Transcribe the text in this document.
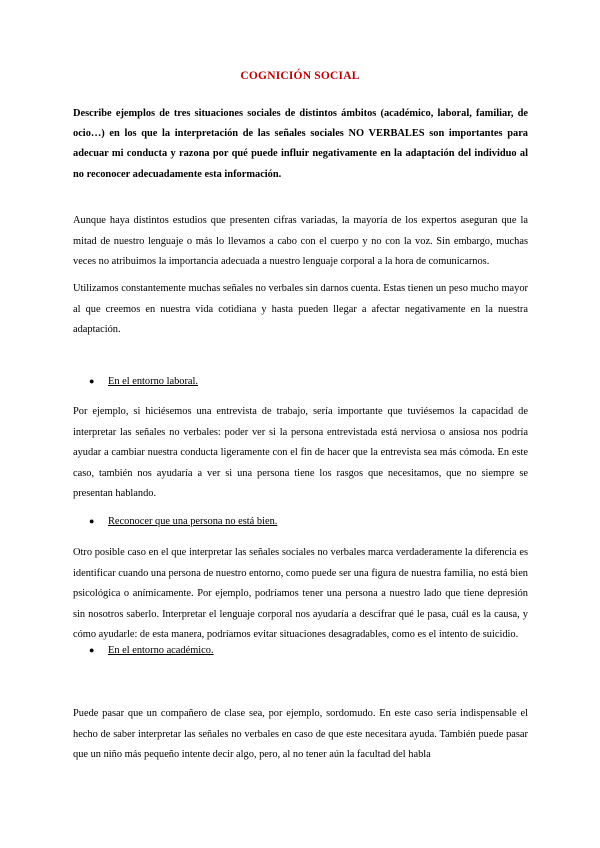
COGNICIÓN SOCIAL
Describe ejemplos de tres situaciones sociales de distintos ámbitos (académico, laboral, familiar, de ocio…) en los que la interpretación de las señales sociales NO VERBALES son importantes para adecuar mi conducta y razona por qué puede influir negativamente en la adaptación del individuo al no reconocer adecuadamente esta información.
Aunque haya distintos estudios que presenten cifras variadas, la mayoría de los expertos aseguran que la mitad de nuestro lenguaje o más lo llevamos a cabo con el cuerpo y no con la voz. Sin embargo, muchas veces no atribuimos la importancia adecuada a nuestro lenguaje corporal a la hora de comunicarnos.
Utilizamos constantemente muchas señales no verbales sin darnos cuenta. Estas tienen un peso mucho mayor al que creemos en nuestra vida cotidiana y hasta pueden llegar a afectar negativamente en la nuestra adaptación.
● En el entorno laboral.
Por ejemplo, si hiciésemos una entrevista de trabajo, sería importante que tuviésemos la capacidad de interpretar las señales no verbales: poder ver si la persona entrevistada está nerviosa o ansiosa nos podría ayudar a cambiar nuestra conducta ligeramente con el fin de hacer que la entrevista sea más cómoda. En este caso, también nos ayudaría a ver si una persona tiene los rasgos que necesitamos, que no siempre se presentan hablando.
● Reconocer que una persona no está bien.
Otro posible caso en el que interpretar las señales sociales no verbales marca verdaderamente la diferencia es identificar cuando una persona de nuestro entorno, como puede ser una figura de nuestra familia, no está bien psicológica o anímicamente. Por ejemplo, podríamos tener una persona a nuestro lado que tiene depresión sin nosotros saberlo. Interpretar el lenguaje corporal nos ayudaría a descifrar qué le pasa, cuál es la causa, y cómo ayudarle: de esta manera, podríamos evitar situaciones desagradables, como es el intento de suicidio.
● En el entorno académico.
Puede pasar que un compañero de clase sea, por ejemplo, sordomudo. En este caso sería indispensable el hecho de saber interpretar las señales no verbales en caso de que este necesitara ayuda. También puede pasar que un niño más pequeño intente decir algo, pero, al no tener aún la facultad del habla
